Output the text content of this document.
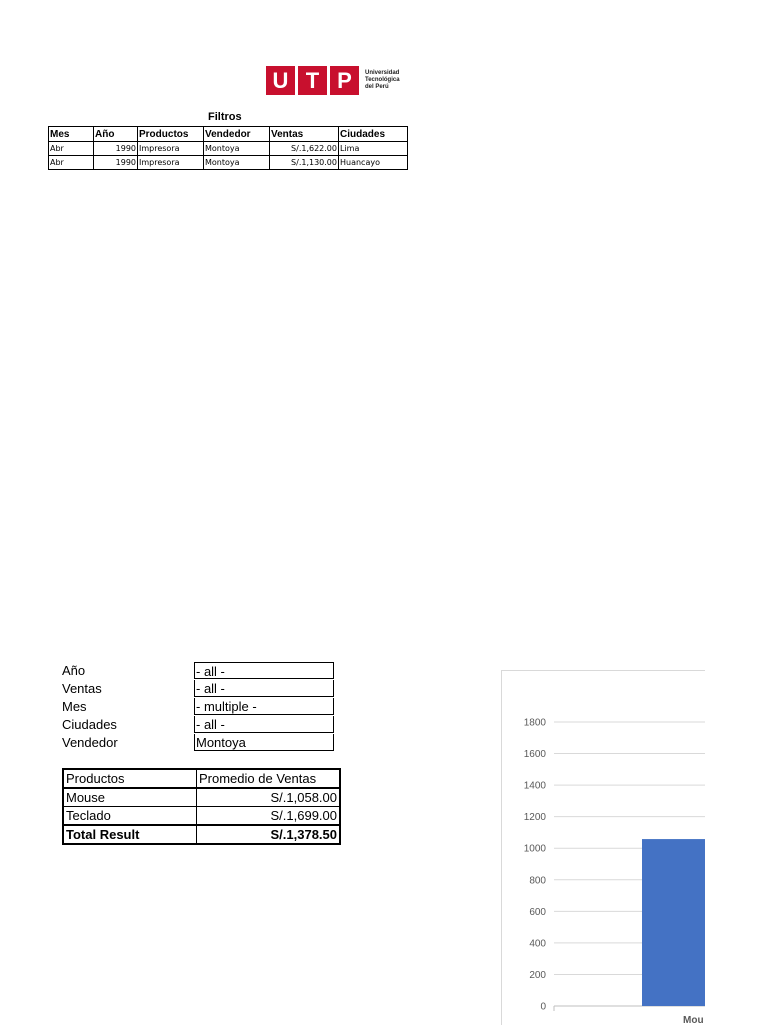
U T P	Universidad
Tecnológica
del Perú
Filtros
Mes	Año	Productos	Vendedor	Ventas	Ciudades
Abr	1990	Impresora	Montoya	S/.1,622.00	Lima
Abr	1990	Impresora	Montoya	S/.1,130.00	Huancayo
Año	- all -
Ventas	- all -
Mes	- multiple -
Ciudades	- all -
Vendedor	Montoya
Productos	Promedio de Ventas
Mouse	S/.1,058.00
Teclado	S/.1,699.00
Total Result	S/.1,378.50
0
200
400
600
800
1000
1200
1400
1600
1800
Mou
